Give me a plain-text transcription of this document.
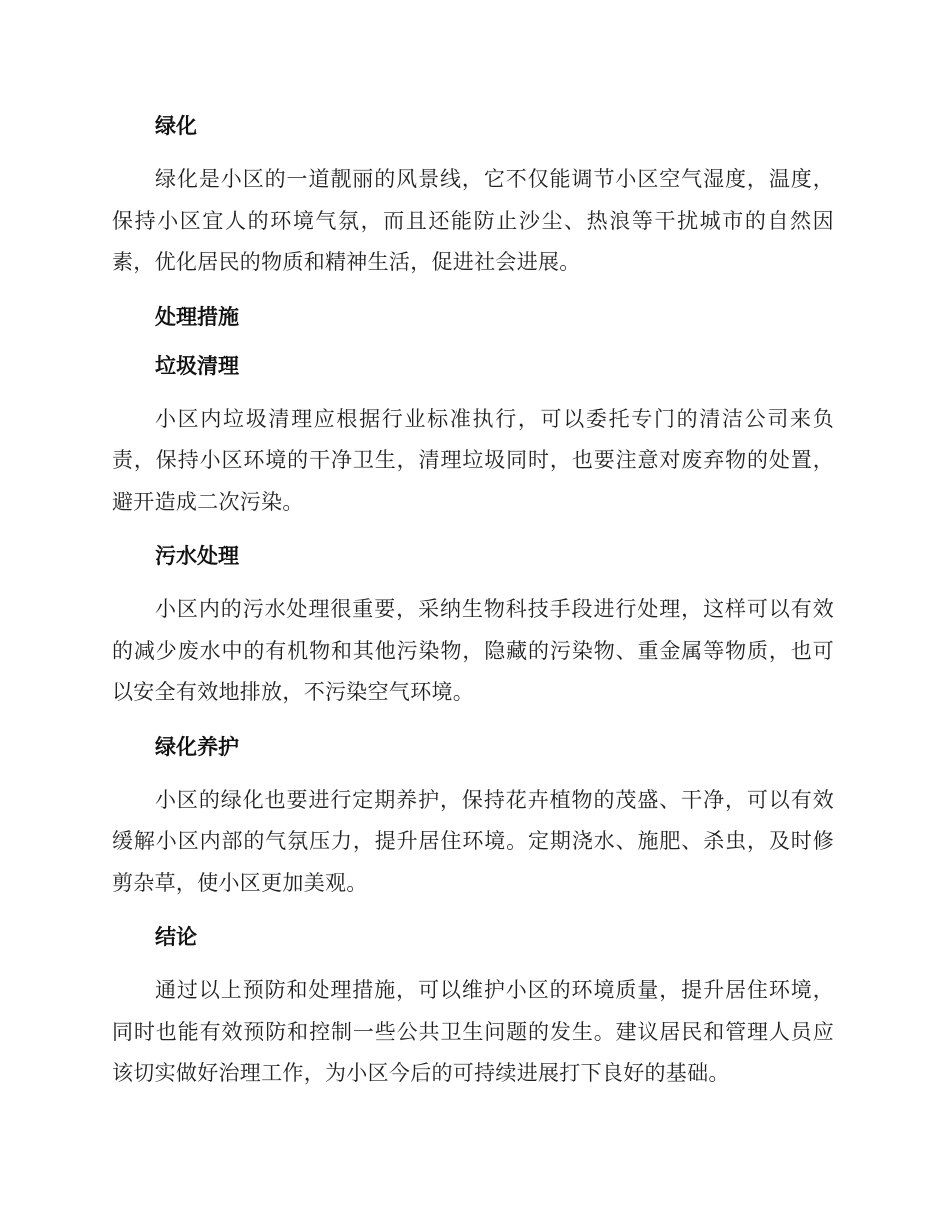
绿化

绿化是小区的一道靓丽的风景线，它不仅能调节小区空气湿度，温度，保持小区宜人的环境气氛，而且还能防止沙尘、热浪等干扰城市的自然因素，优化居民的物质和精神生活，促进社会进展。

处理措施
垃圾清理

小区内垃圾清理应根据行业标准执行，可以委托专门的清洁公司来负责，保持小区环境的干净卫生，清理垃圾同时，也要注意对废弃物的处置，避开造成二次污染。

污水处理

小区内的污水处理很重要，采纳生物科技手段进行处理，这样可以有效的减少废水中的有机物和其他污染物，隐藏的污染物、重金属等物质，也可以安全有效地排放，不污染空气环境。

绿化养护

小区的绿化也要进行定期养护，保持花卉植物的茂盛、干净，可以有效缓解小区内部的气氛压力，提升居住环境。定期浇水、施肥、杀虫，及时修剪杂草，使小区更加美观。

结论

通过以上预防和处理措施，可以维护小区的环境质量，提升居住环境，同时也能有效预防和控制一些公共卫生问题的发生。建议居民和管理人员应该切实做好治理工作，为小区今后的可持续进展打下良好的基础。
